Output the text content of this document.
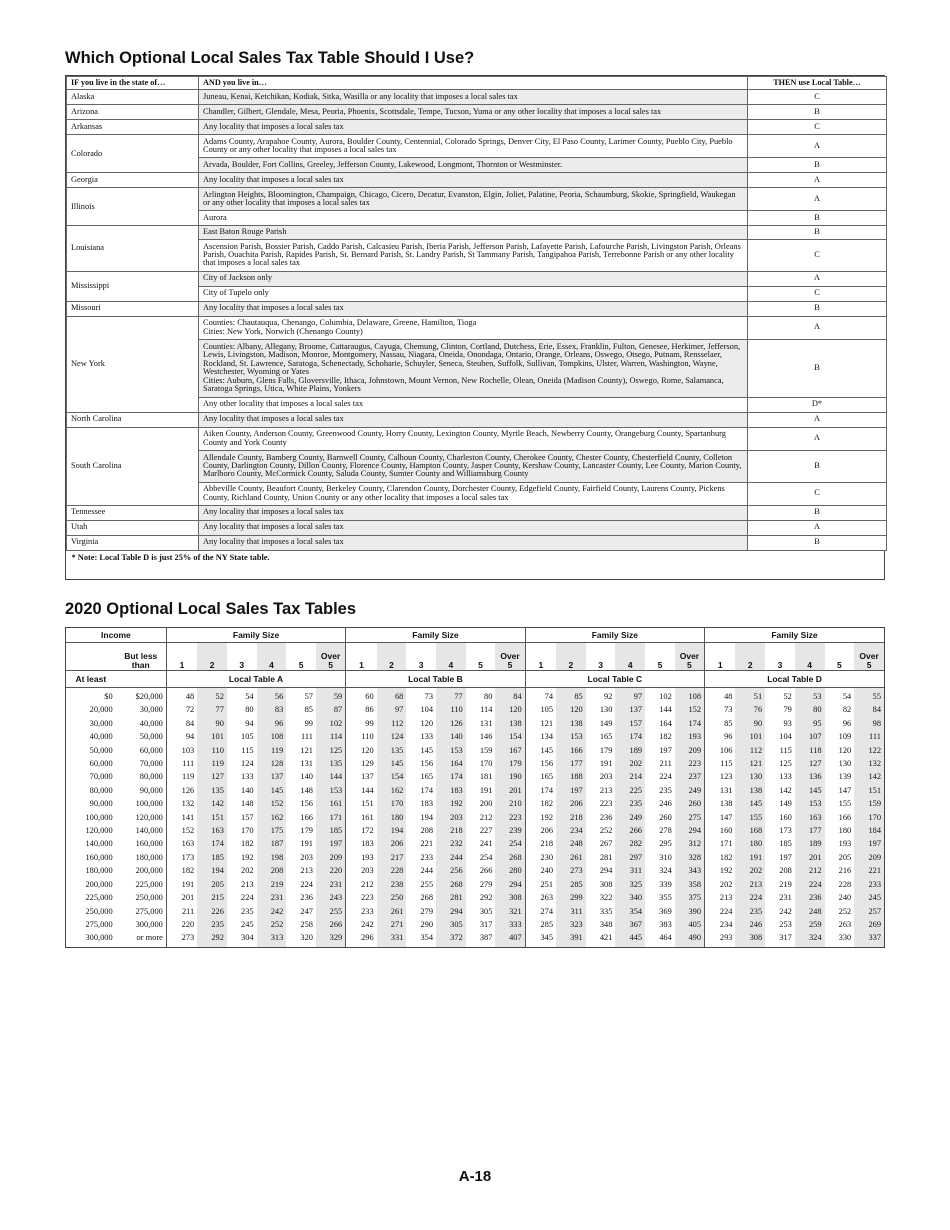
Which Optional Local Sales Tax Table Should I Use?
IF you live in the state of…	AND you live in…	THEN use Local Table…
Alaska	Juneau, Kenai, Ketchikan, Kodiak, Sitka, Wasilla or any locality that imposes a local sales tax	C
Arizona	Chandler, Gilbert, Glendale, Mesa, Peoria, Phoenix, Scottsdale, Tempe, Tucson, Yuma or any other locality that imposes a local sales tax	B
Arkansas	Any locality that imposes a local sales tax	C
Colorado	Adams County, Arapahoe County, Aurora, Boulder County, Centennial, Colorado Springs, Denver City, El Paso County, Larimer County, Pueblo City, Pueblo County or any other locality that imposes a local sales tax	A
	Arvada, Boulder, Fort Collins, Greeley, Jefferson County, Lakewood, Longmont, Thornton or Westminster.	B
Georgia	Any locality that imposes a local sales tax	A
Illinois	Arlington Heights, Bloomington, Champaign, Chicago, Cicero, Decatur, Evanston, Elgin, Joliet, Palatine, Peoria, Schaumburg, Skokie, Springfield, Waukegan or any other locality that imposes a local sales tax	A
	Aurora	B
Louisiana	East Baton Rouge Parish	B
	Ascension Parish, Bossier Parish, Caddo Parish, Calcasieu Parish, Iberia Parish, Jefferson Parish, Lafayette Parish, Lafourche Parish, Livingston Parish, Orleans Parish, Ouachita Parish, Rapides Parish, St. Bernard Parish, St. Landry Parish, St Tammany Parish, Tangipahoa Parish, Terrebonne Parish or any other locality that imposes a local sales tax	C
Mississippi	City of Jackson only	A
	City of Tupelo only	C
Missouri	Any locality that imposes a local sales tax	B
New York	Counties: Chautauqua, Chenango, Columbia, Delaware, Greene, Hamilton, Tioga
Cities: New York, Norwich (Chenango County)	A
	Counties: Albany, Allegany, Broome, Cattaraugus, Cayuga, Chemung, Clinton, Cortland, Dutchess, Erie, Essex, Franklin, Fulton, Genesee, Herkimer, Jefferson, Lewis, Livingston, Madison, Monroe, Montgomery, Nassau, Niagara, Oneida, Onondaga, Ontario, Orange, Orleans, Oswego, Otsego, Putnam, Rensselaer, Rockland, St. Lawrence, Saratoga, Schenectady, Schoharie, Schuyler, Seneca, Steuben, Suffolk, Sullivan, Tompkins, Ulster, Warren, Washington, Wayne, Westchester, Wyoming or Yates
Cities: Auburn, Glens Falls, Gloversville, Ithaca, Johnstown, Mount Vernon, New Rochelle, Olean, Oneida (Madison County), Oswego, Rome, Salamanca, Saratoga Springs, Utica, White Plains, Yonkers	B
	Any other locality that imposes a local sales tax	D*
North Carolina	Any locality that imposes a local sales tax	A
South Carolina	Aiken County, Anderson County, Greenwood County, Horry County, Lexington County, Myrtle Beach, Newberry County, Orangeburg County, Spartanburg County and York County	A
	Allendale County, Bamberg County, Barnwell County, Calhoun County, Charleston County, Cherokee County, Chester County, Chesterfield County, Colleton County, Darlington County, Dillon County, Florence County, Hampton County, Jasper County, Kershaw County, Lancaster County, Lee County, Marion County, Marlboro County, McCormick County, Saluda County, Sumter County and Williamsburg County	B
	Abbeville County, Beaufort County, Berkeley County, Clarendon County, Dorchester County, Edgefield County, Fairfield County, Laurens County, Pickens County, Richland County, Union County or any other locality that imposes a local sales tax	C
Tennessee	Any locality that imposes a local sales tax	B
Utah	Any locality that imposes a local sales tax	A
Virginia	Any locality that imposes a local sales tax	B
* Note: Local Table D is just 25% of the NY State table.		
2020 Optional Local Sales Tax Tables
Income		Family Size						Family Size						Family Size						Family Size					
	But less than	1	2	3	4	5	Over 5	1	2	3	4	5	Over 5	1	2	3	4	5	Over 5	1	2	3	4	5	Over 5
At least		Local Table A						Local Table B						Local Table C						Local Table D					
$0	$20,000	48	52	54	56	57	59	60	68	73	77	80	84	74	85	92	97	102	108	48	51	52	53	54	55
20,000	30,000	72	77	80	83	85	87	86	97	104	110	114	120	105	120	130	137	144	152	73	76	79	80	82	84
30,000	40,000	84	90	94	96	99	102	99	112	120	126	131	138	121	138	149	157	164	174	85	90	93	95	96	98
40,000	50,000	94	101	105	108	111	114	110	124	133	140	146	154	134	153	165	174	182	193	96	101	104	107	109	111
50,000	60,000	103	110	115	119	121	125	120	135	145	153	159	167	145	166	179	189	197	209	106	112	115	118	120	122
60,000	70,000	111	119	124	128	131	135	129	145	156	164	170	179	156	177	191	202	211	223	115	121	125	127	130	132
70,000	80,000	119	127	133	137	140	144	137	154	165	174	181	190	165	188	203	214	224	237	123	130	133	136	139	142
80,000	90,000	126	135	140	145	148	153	144	162	174	183	191	201	174	197	213	225	235	249	131	138	142	145	147	151
90,000	100,000	132	142	148	152	156	161	151	170	183	192	200	210	182	206	223	235	246	260	138	145	149	153	155	159
100,000	120,000	141	151	157	162	166	171	161	180	194	203	212	223	192	218	236	249	260	275	147	155	160	163	166	170
120,000	140,000	152	163	170	175	179	185	172	194	208	218	227	239	206	234	252	266	278	294	160	168	173	177	180	184
140,000	160,000	163	174	182	187	191	197	183	206	221	232	241	254	218	248	267	282	295	312	171	180	185	189	193	197
160,000	180,000	173	185	192	198	203	209	193	217	233	244	254	268	230	261	281	297	310	328	182	191	197	201	205	209
180,000	200,000	182	194	202	208	213	220	203	228	244	256	266	280	240	273	294	311	324	343	192	202	208	212	216	221
200,000	225,000	191	205	213	219	224	231	212	238	255	268	279	294	251	285	308	325	339	358	202	213	219	224	228	233
225,000	250,000	201	215	224	231	236	243	223	250	268	281	292	308	263	299	322	340	355	375	213	224	231	236	240	245
250,000	275,000	211	226	235	242	247	255	233	261	279	294	305	321	274	311	335	354	369	390	224	235	242	248	252	257
275,000	300,000	220	235	245	252	258	266	242	271	290	305	317	333	285	323	348	367	383	405	234	246	253	259	263	269
300,000	or more	273	292	304	313	320	329	296	331	354	372	387	407	345	391	421	445	464	490	293	308	317	324	330	337
A-18
